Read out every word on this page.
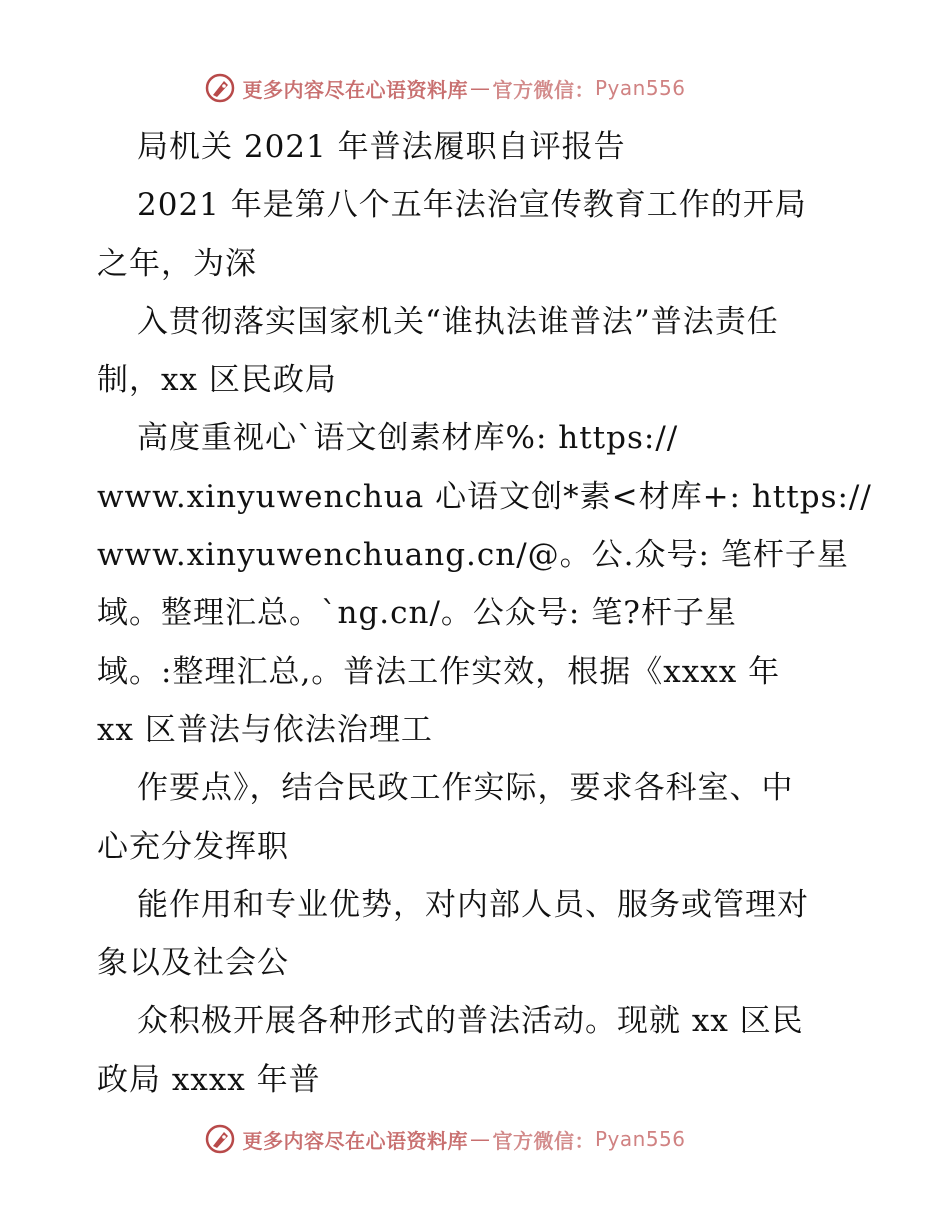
更多内容尽在心语资料库 — 官方微信： Pyan556
局机关 2021 年普法履职自评报告
2021 年是第八个五年法治宣传教育工作的开局
之年，为深
入贯彻落实国家机关“谁执法谁普法”普法责任
制，xx 区民政局
高度重视心`语文创素材库%: https://
www.xinyuwenchua 心语文创*素<材库+: https://
www.xinyuwenchuang.cn/@。公.众号: 笔杆子星
域。整理汇总。`ng.cn/。公众号: 笔?杆子星
域。:整理汇总,。普法工作实效，根据《xxxx 年
xx 区普法与依法治理工
作要点》，结合民政工作实际，要求各科室、中
心充分发挥职
能作用和专业优势，对内部人员、服务或管理对
象以及社会公
众积极开展各种形式的普法活动。现就 xx 区民
政局 xxxx 年普
更多内容尽在心语资料库 — 官方微信： Pyan556
